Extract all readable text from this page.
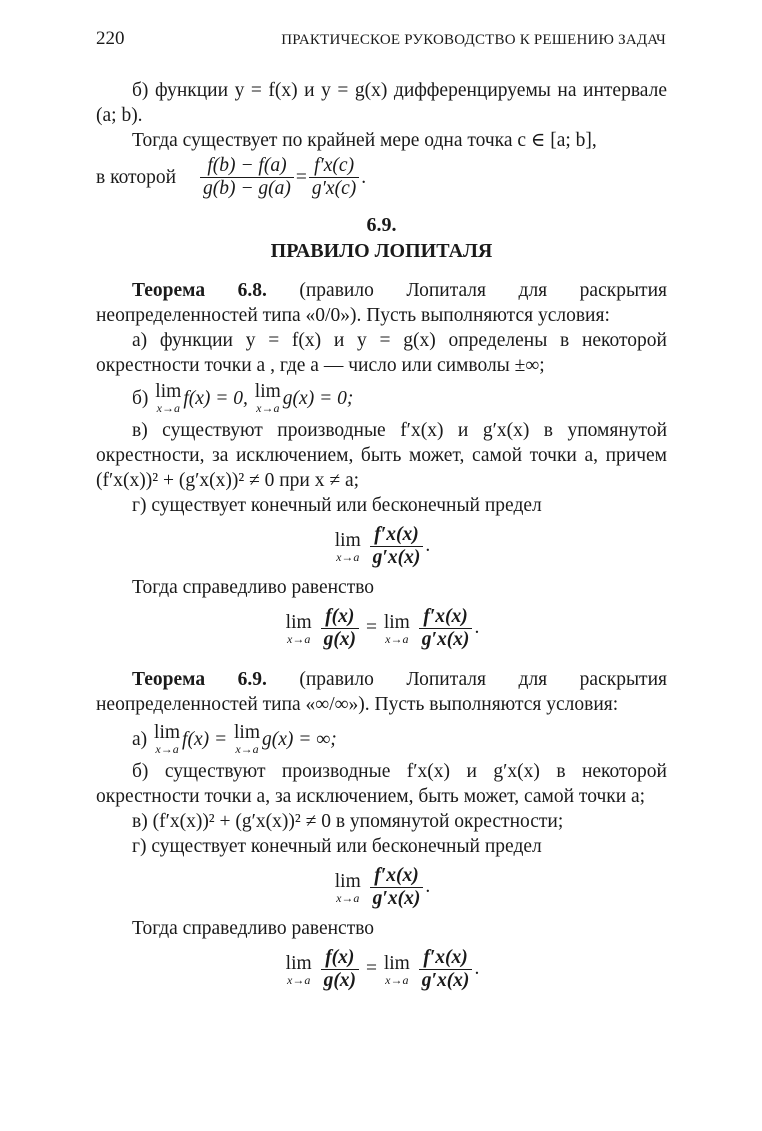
220	ПРАКТИЧЕСКОЕ РУКОВОДСТВО К РЕШЕНИЮ ЗАДАЧ

б) функции y = f(x) и y = g(x) дифференцируемы на интервале (a; b).

Тогда существует по крайней мере одна точка c ∈ [a; b],

в которой $\frac{f(b) - f(a)}{g(b) - g(a)} = \frac{f'x(c)}{g'x(c)}$ .
6.9.
ПРАВИЛО ЛОПИТАЛЯ

Теорема 6.8. (правило Лопиталя для раскрытия неопределенностей типа «0/0»). Пусть выполняются условия:

а) функции y = f(x) и y = g(x) определены в некоторой окрестности точки a , где a — число или символы ±∞;

б)
lim
x→a f(x) = 0,
lim
x→a g(x) = 0;

в) существуют производные f′x(x) и g′x(x) в упомянутой окрестности, за исключением, быть может, самой точки a, причем (f′x(x))² + (g′x(x))² ≠ 0 при x ≠ a;

г) существует конечный или бесконечный предел

lim
x→a
$\frac{f'x(x)}{g'x(x)}$ .

Тогда справедливо равенство

lim
x→a
$\frac{f(x)}{g(x)} = \lim$
x→a
$\frac{f'x(x)}{g'x(x)}$ .

Теорема 6.9. (правило Лопиталя для раскрытия неопределенностей типа «∞/∞»). Пусть выполняются условия:

а)
lim
x→a f(x) =
lim
x→a g(x) = ∞;

б) существуют производные f′x(x) и g′x(x) в некоторой окрестности точки a, за исключением, быть может, самой точки a;

в) (f′x(x))² + (g′x(x))² ≠ 0 в упомянутой окрестности;

г) существует конечный или бесконечный предел

lim
x→a
$\frac{f'x(x)}{g'x(x)}$ .

Тогда справедливо равенство

lim
x→a
$\frac{f(x)}{g(x)} = \lim$
x→a
$\frac{f'x(x)}{g'x(x)}$ .
